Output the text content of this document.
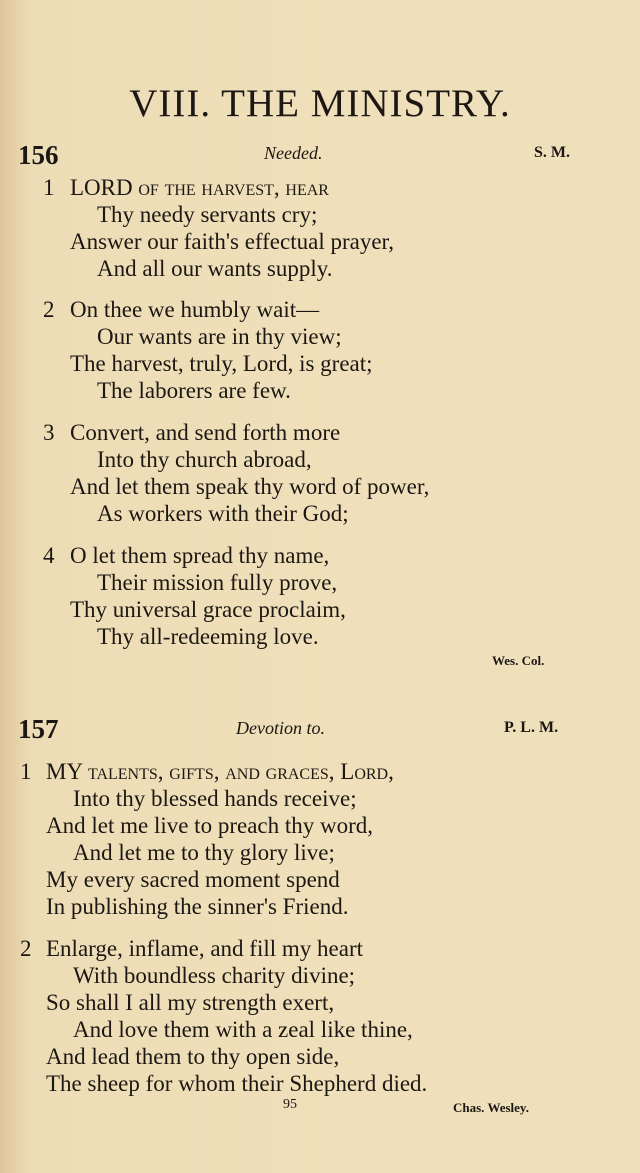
VIII. THE MINISTRY.
156	Needed.	S. M.
1 LORD of the harvest, hear
Thy needy servants cry;
Answer our faith's effectual prayer,
And all our wants supply.
2 On thee we humbly wait—
Our wants are in thy view;
The harvest, truly, Lord, is great;
The laborers are few.
3 Convert, and send forth more
Into thy church abroad,
And let them speak thy word of power,
As workers with their God;
4 O let them spread thy name,
Their mission fully prove,
Thy universal grace proclaim,
Thy all-redeeming love.
Wes. Col.
157	Devotion to.	P. L. M.
1 MY talents, gifts, and graces, Lord,
Into thy blessed hands receive;
And let me live to preach thy word,
And let me to thy glory live;
My every sacred moment spend
In publishing the sinner's Friend.
2 Enlarge, inflame, and fill my heart
With boundless charity divine;
So shall I all my strength exert,
And love them with a zeal like thine,
And lead them to thy open side,
The sheep for whom their Shepherd died.
95	Chas. Wesley.
